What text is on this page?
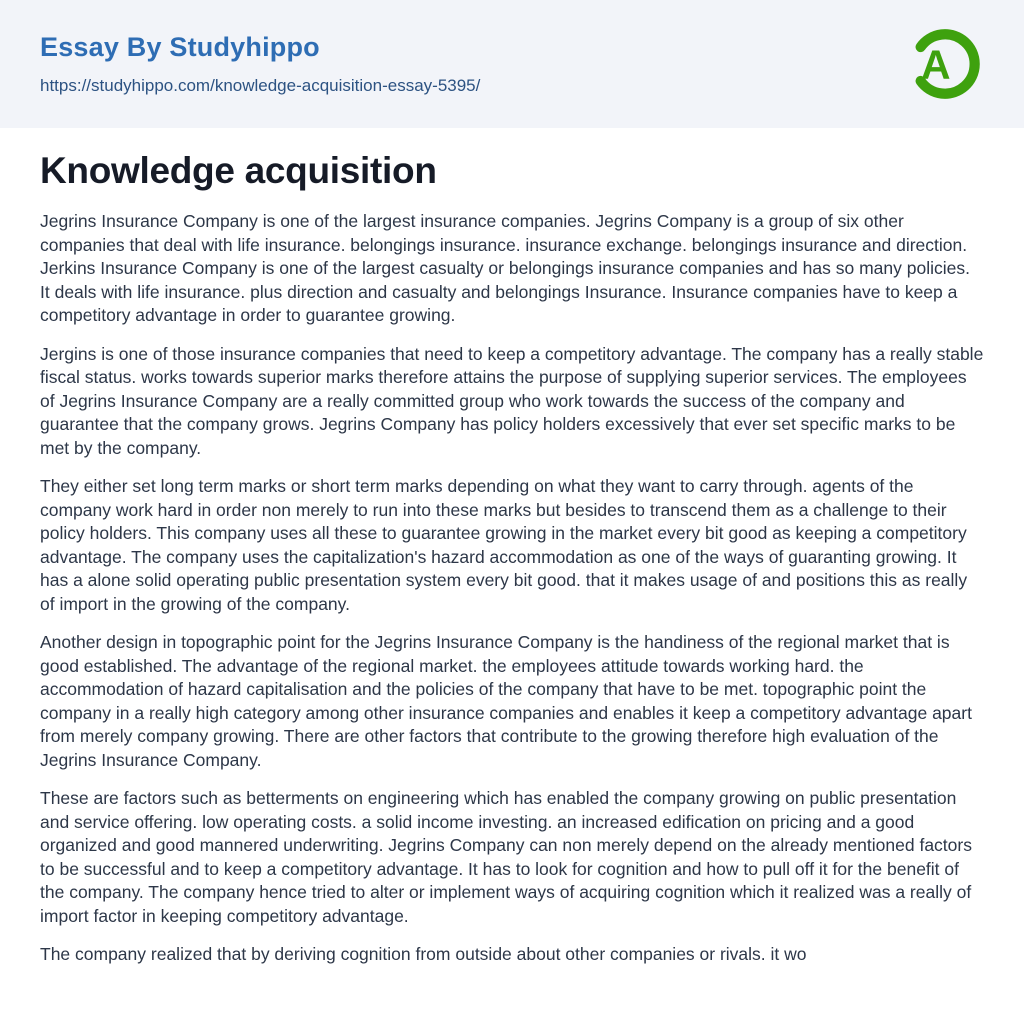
Essay By Studyhippo
https://studyhippo.com/knowledge-acquisition-essay-5395/	A
Knowledge acquisition

Jegrins Insurance Company is one of the largest insurance companies. Jegrins Company is a group of six other companies that deal with life insurance. belongings insurance. insurance exchange. belongings insurance and direction. Jerkins Insurance Company is one of the largest casualty or belongings insurance companies and has so many policies. It deals with life insurance. plus direction and casualty and belongings Insurance. Insurance companies have to keep a competitory advantage in order to guarantee growing.

Jergins is one of those insurance companies that need to keep a competitory advantage. The company has a really stable fiscal status. works towards superior marks therefore attains the purpose of supplying superior services. The employees of Jegrins Insurance Company are a really committed group who work towards the success of the company and guarantee that the company grows. Jegrins Company has policy holders excessively that ever set specific marks to be met by the company.

They either set long term marks or short term marks depending on what they want to carry through. agents of the company work hard in order non merely to run into these marks but besides to transcend them as a challenge to their policy holders. This company uses all these to guarantee growing in the market every bit good as keeping a competitory advantage. The company uses the capitalization's hazard accommodation as one of the ways of guaranting growing. It has a alone solid operating public presentation system every bit good. that it makes usage of and positions this as really of import in the growing of the company.

Another design in topographic point for the Jegrins Insurance Company is the handiness of the regional market that is good established. The advantage of the regional market. the employees attitude towards working hard. the accommodation of hazard capitalisation and the policies of the company that have to be met. topographic point the company in a really high category among other insurance companies and enables it keep a competitory advantage apart from merely company growing. There are other factors that contribute to the growing therefore high evaluation of the Jegrins Insurance Company.

These are factors such as betterments on engineering which has enabled the company growing on public presentation and service offering. low operating costs. a solid income investing. an increased edification on pricing and a good organized and good mannered underwriting. Jegrins Company can non merely depend on the already mentioned factors to be successful and to keep a competitory advantage. It has to look for cognition and how to pull off it for the benefit of the company. The company hence tried to alter or implement ways of acquiring cognition which it realized was a really of import factor in keeping competitory advantage.

The company realized that by deriving cognition from outside about other companies or rivals. it wo
